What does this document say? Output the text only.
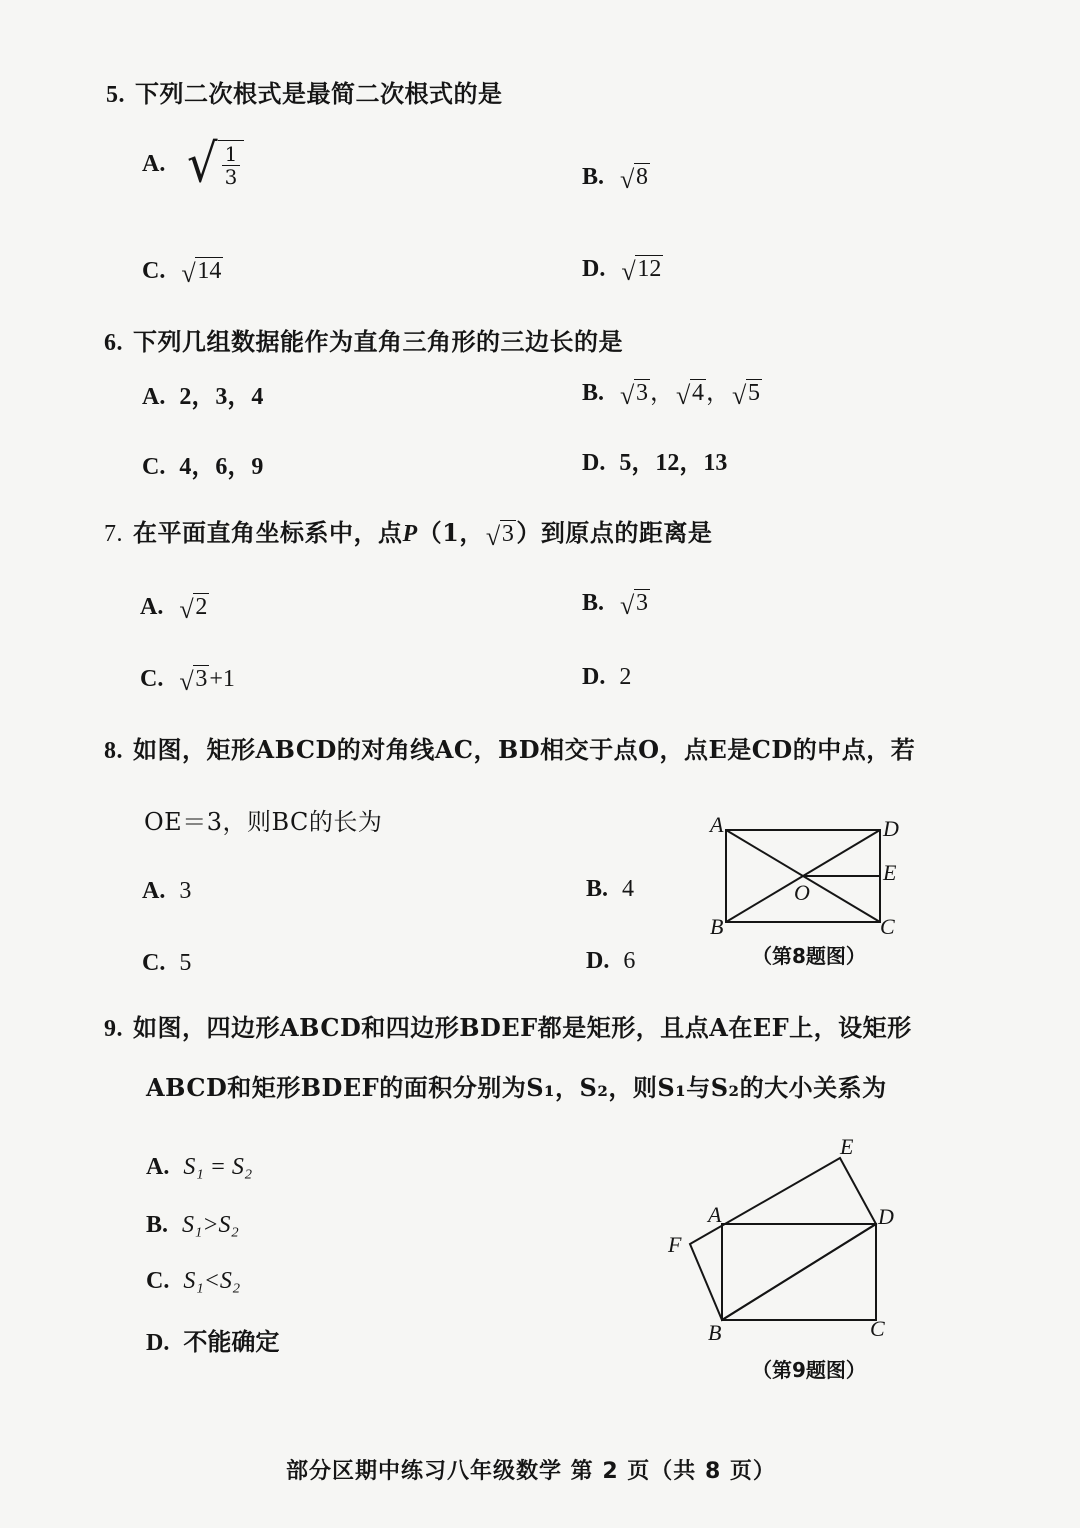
5. 下列二次根式是最简二次根式的是
A. √ $\frac{1}{3}$	B. √ 8
C. √ 14	D. √ 12
6. 下列几组数据能作为直角三角形的三边长的是
A. 2，3，4	B. √ 3， √ 4， √ 5
C. 4，6，9	D. 5，12，13
7. 在平面直角坐标系中，点P（1， √ 3）到原点的距离是
A. √ 2	B. √ 3
C. √ 3+1	D. 2
8. 如图，矩形ABCD的对角线AC，BD相交于点O，点E是CD的中点，若
OE＝3，则BC的长为
A. 3	B. 4
C. 5	D. 6
A	D
E
O
B	C
（第8题图）
9. 如图，四边形ABCD和四边形BDEF都是矩形，且点A在EF上，设矩形
ABCD和矩形BDEF的面积分别为S₁，S₂，则S₁与S₂的大小关系为
A. S₁ = S₂
B. S₁>S₂
C. S₁<S₂
D. 不能确定
E
A	D
F
B	C
（第9题图）
部分区期中练习八年级数学 第 2 页（共 8 页）
